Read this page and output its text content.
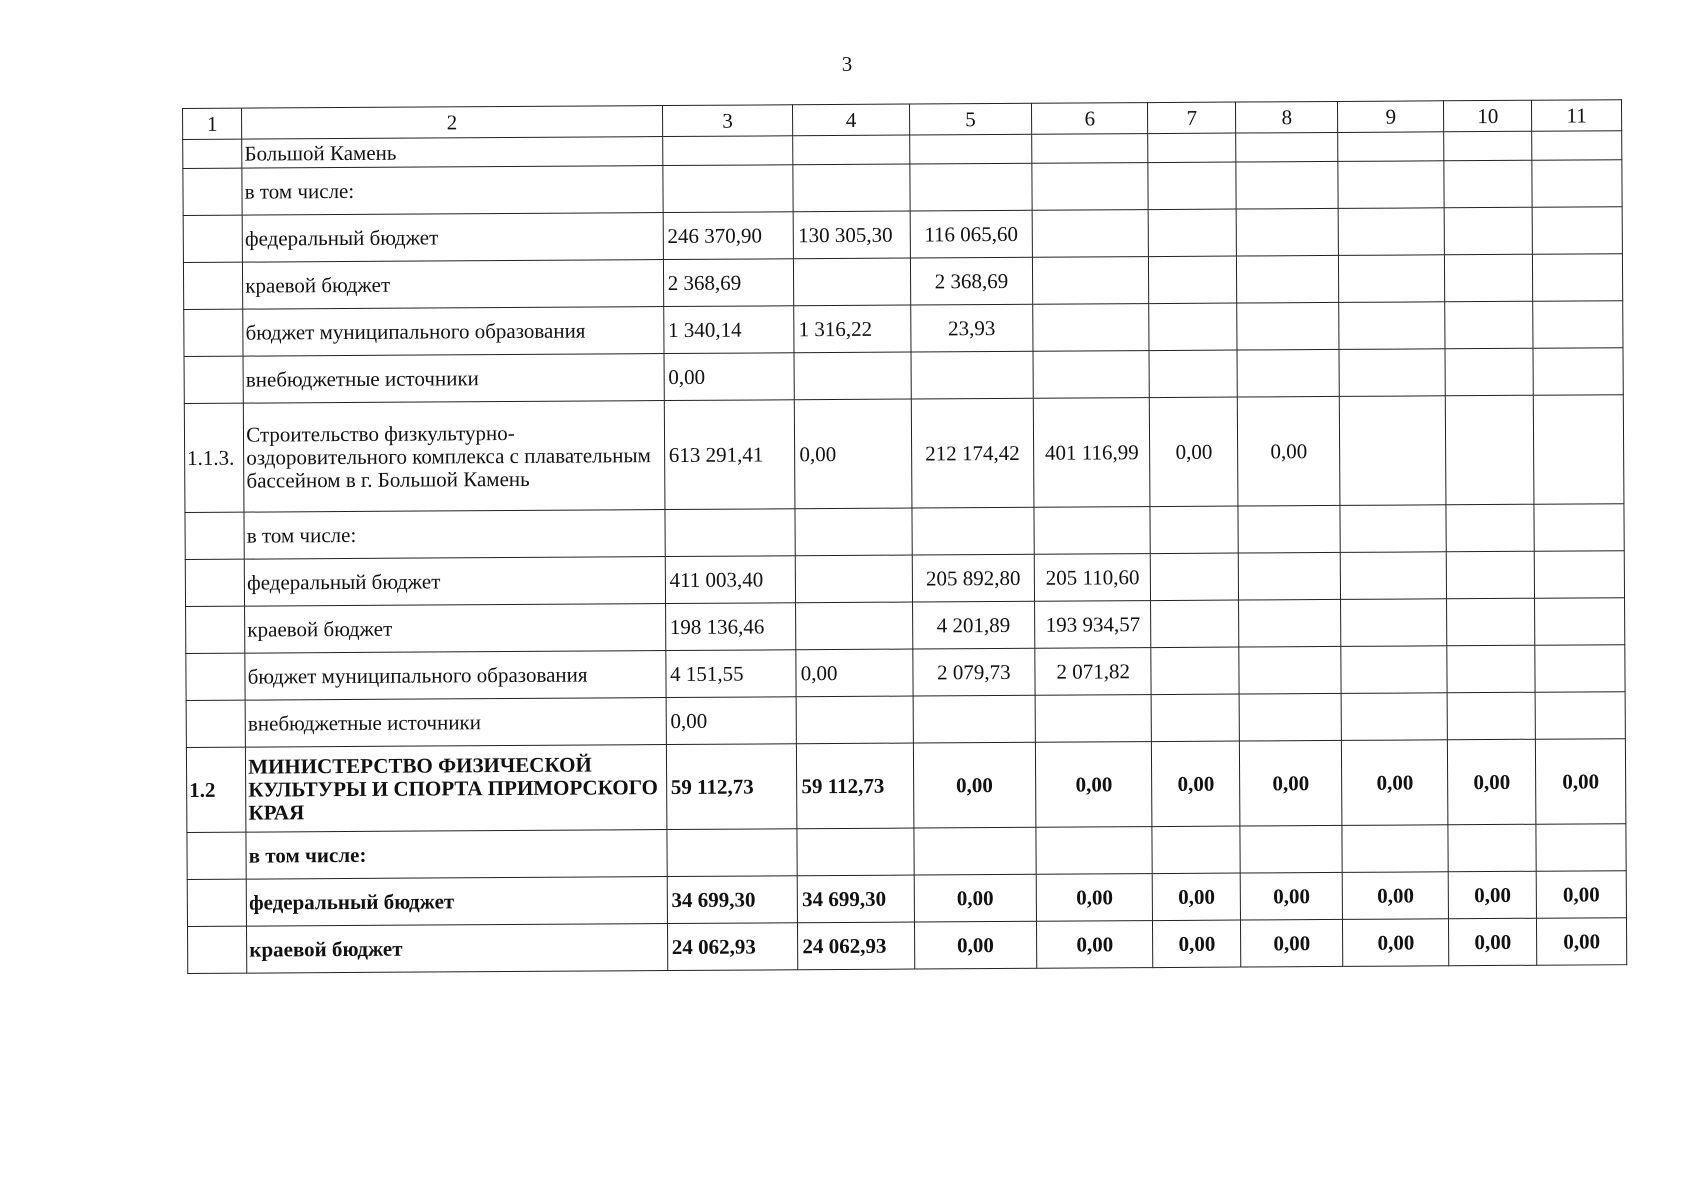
3
1	2	3	4	5	6	7	8	9	10	11
	Большой Камень									
	в том числе:									
	федеральный бюджет	246 370,90	130 305,30	116 065,60						
	краевой бюджет	2 368,69		2 368,69						
	бюджет муниципального образования	1 340,14	1 316,22	23,93						
	внебюджетные источники	0,00								
1.1.3.	Строительство физкультурно-оздоровительного комплекса с плавательным бассейном в г. Большой Камень	613 291,41	0,00	212 174,42	401 116,99	0,00	0,00			
	в том числе:									
	федеральный бюджет	411 003,40		205 892,80	205 110,60					
	краевой бюджет	198 136,46		4 201,89	193 934,57					
	бюджет муниципального образования	4 151,55	0,00	2 079,73	2 071,82					
	внебюджетные источники	0,00								
1.2	МИНИСТЕРСТВО ФИЗИЧЕСКОЙ КУЛЬТУРЫ И СПОРТА ПРИМОРСКОГО КРАЯ	59 112,73	59 112,73	0,00	0,00	0,00	0,00	0,00	0,00	0,00
	в том числе:									
	федеральный бюджет	34 699,30	34 699,30	0,00	0,00	0,00	0,00	0,00	0,00	0,00
	краевой бюджет	24 062,93	24 062,93	0,00	0,00	0,00	0,00	0,00	0,00	0,00
